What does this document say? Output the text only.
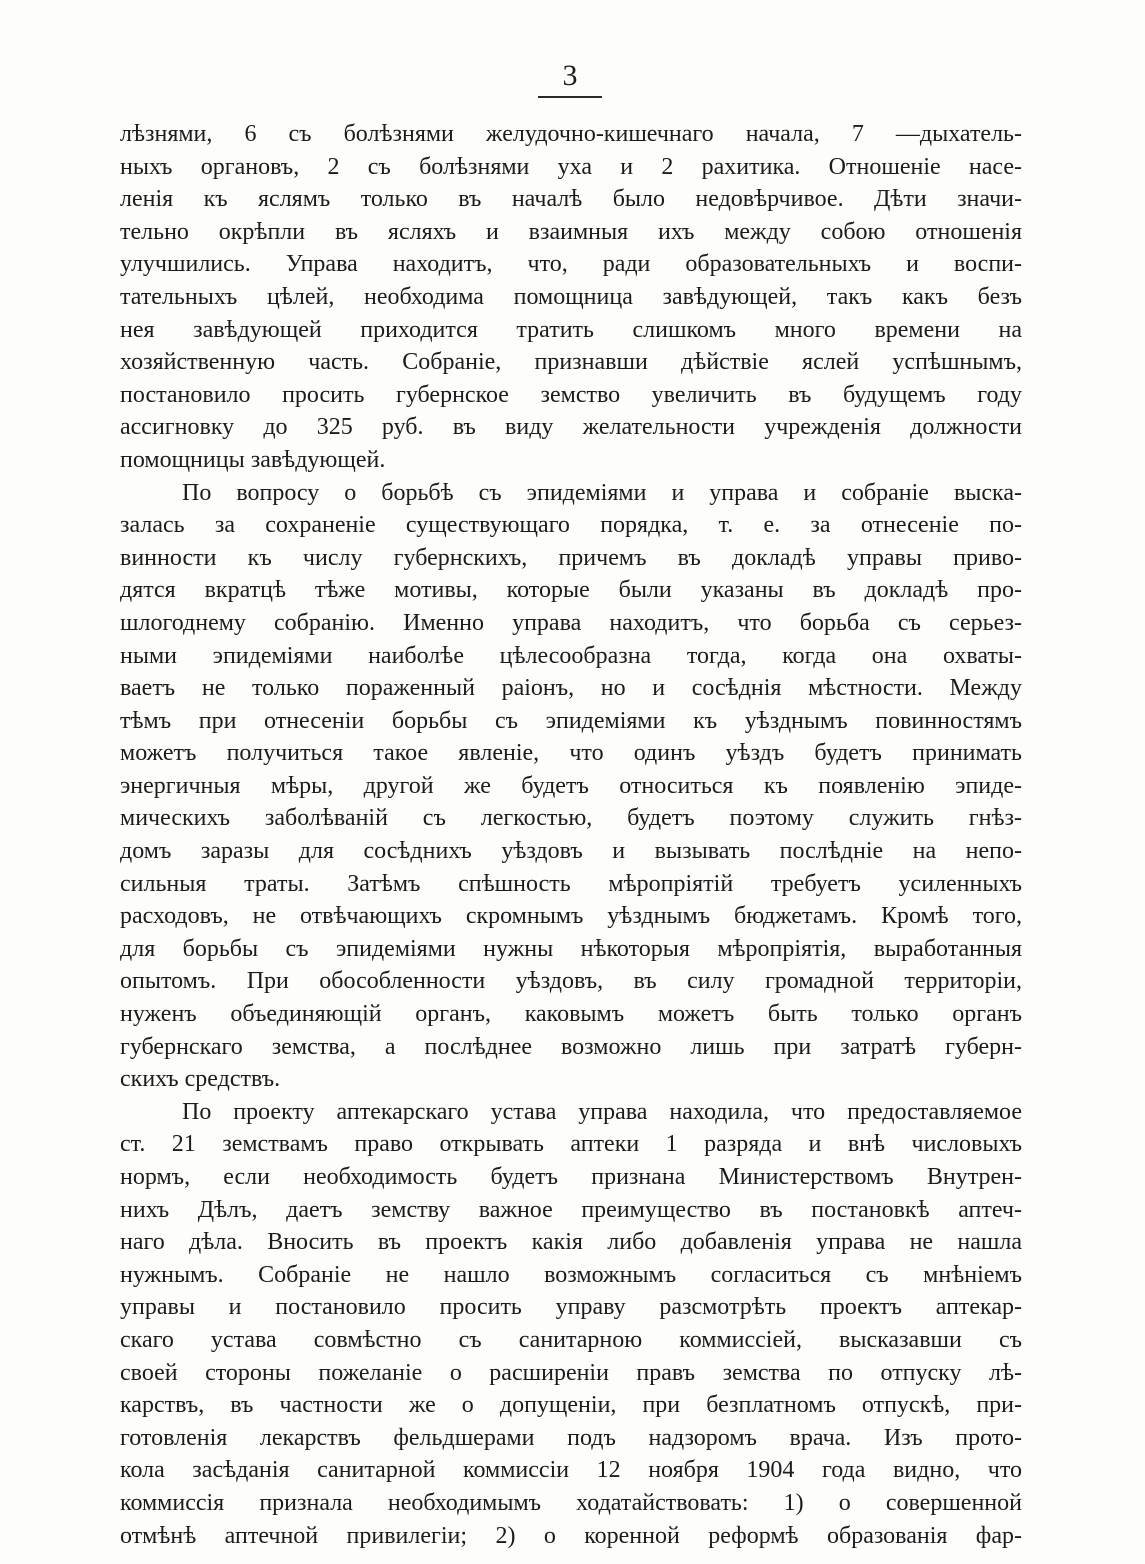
3
лѣзнями, 6 съ болѣзнями желудочно-кишечнаго начала, 7 —дыхатель-
ныхъ органовъ, 2 съ болѣзнями уха и 2 рахитика. Отношеніе насе-
ленія къ яслямъ только въ началѣ было недовѣрчивое. Дѣти значи-
тельно окрѣпли въ ясляхъ и взаимныя ихъ между собою отношенія
улучшились. Управа находитъ, что, ради образовательныхъ и воспи-
тательныхъ цѣлей, необходима помощница завѣдующей, такъ какъ безъ
нея завѣдующей приходится тратить слишкомъ много времени на
хозяйственную часть. Собраніе, признавши дѣйствіе яслей успѣшнымъ,
постановило просить губернское земство увеличить въ будущемъ году
ассигновку до 325 руб. въ виду желательности учрежденія должности
помощницы завѣдующей.
По вопросу о борьбѣ съ эпидеміями и управа и собраніе выска-
залась за сохраненіе существующаго порядка, т. е. за отнесеніе по-
винности къ числу губернскихъ, причемъ въ докладѣ управы приво-
дятся вкратцѣ тѣже мотивы, которые были указаны въ докладѣ про-
шлогоднему собранію. Именно управа находитъ, что борьба съ серьез-
ными эпидеміями наиболѣе цѣлесообразна тогда, когда она охваты-
ваетъ не только пораженный раіонъ, но и сосѣднія мѣстности. Между
тѣмъ при отнесеніи борьбы съ эпидеміями къ уѣзднымъ повинностямъ
можетъ получиться такое явленіе, что одинъ уѣздъ будетъ принимать
энергичныя мѣры, другой же будетъ относиться къ появленію эпиде-
мическихъ заболѣваній съ легкостью, будетъ поэтому служить гнѣз-
домъ заразы для сосѣднихъ уѣздовъ и вызывать послѣдніе на непо-
сильныя траты. Затѣмъ спѣшность мѣропріятій требуетъ усиленныхъ
расходовъ, не отвѣчающихъ скромнымъ уѣзднымъ бюджетамъ. Кромѣ того,
для борьбы съ эпидеміями нужны нѣкоторыя мѣропріятія, выработанныя
опытомъ. При обособленности уѣздовъ, въ силу громадной территоріи,
нуженъ объединяющій органъ, каковымъ можетъ быть только органъ
губернскаго земства, а послѣднее возможно лишь при затратѣ губерн-
скихъ средствъ.
По проекту аптекарскаго устава управа находила, что предоставляемое
ст. 21 земствамъ право открывать аптеки 1 разряда и внѣ числовыхъ
нормъ, если необходимость будетъ признана Министерствомъ Внутрен-
нихъ Дѣлъ, даетъ земству важное преимущество въ постановкѣ аптеч-
наго дѣла. Вносить въ проектъ какія либо добавленія управа не нашла
нужнымъ. Собраніе не нашло возможнымъ согласиться съ мнѣніемъ
управы и постановило просить управу разсмотрѣть проектъ аптекар-
скаго устава совмѣстно съ санитарною коммиссіей, высказавши съ
своей стороны пожеланіе о расширеніи правъ земства по отпуску лѣ-
карствъ, въ частности же о допущеніи, при безплатномъ отпускѣ, при-
готовленія лекарствъ фельдшерами подъ надзоромъ врача. Изъ прото-
кола засѣданія санитарной коммиссіи 12 ноября 1904 года видно, что
коммиссія признала необходимымъ ходатайствовать: 1) о совершенной
отмѣнѣ аптечной привилегіи; 2) о коренной реформѣ образованія фар-
